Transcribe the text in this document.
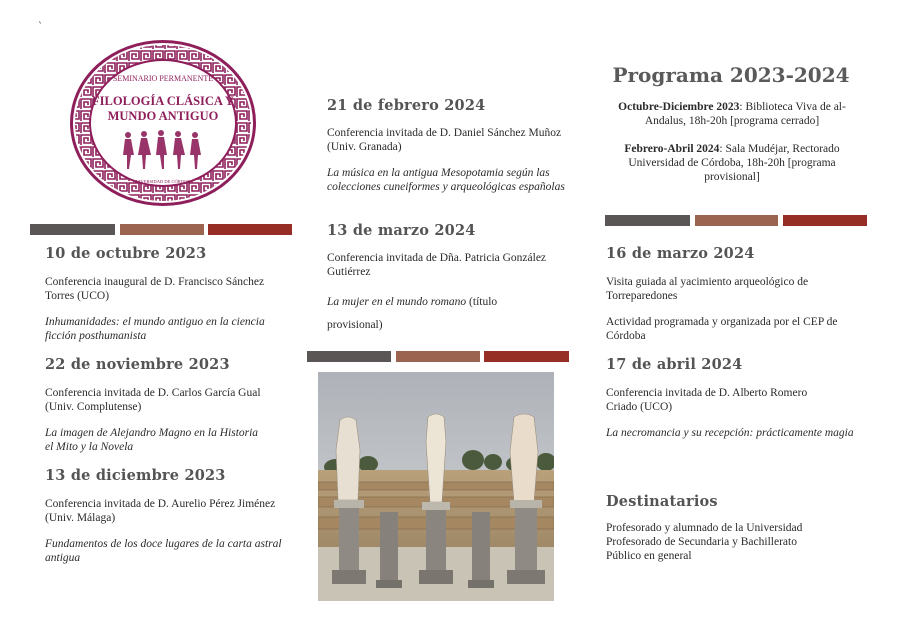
`
SEMINARIO PERMANENTE
FILOLOGÍA CLÁSICA Y
MUNDO ANTIGUO
UNIVERSIDAD DE CÓRDOBA
10 de octubre 2023
Conferencia inaugural de D. Francisco Sánchez Torres (UCO)
Inhumanidades: el mundo antiguo en la ciencia ficción posthumanista
22 de noviembre 2023
Conferencia invitada de D. Carlos García Gual (Univ. Complutense)
La imagen de Alejandro Magno en la Historia el Mito y la Novela
13 de diciembre 2023
Conferencia invitada de D. Aurelio Pérez Jiménez (Univ. Málaga)
Fundamentos de los doce lugares de la carta astral antigua
21 de febrero 2024
Conferencia invitada de D. Daniel Sánchez Muñoz (Univ. Granada)
La música en la antigua Mesopotamia según las colecciones cuneiformes y arqueológicas españolas
13 de marzo 2024
Conferencia invitada de Dña. Patricia González Gutiérrez
La mujer en el mundo romano (título provisional)
Programa 2023-2024
Octubre-Diciembre 2023: Biblioteca Viva de al-Andalus, 18h-20h [programa cerrado]
Febrero-Abril 2024: Sala Mudéjar, Rectorado Universidad de Córdoba, 18h-20h [programa provisional]
16 de marzo 2024
Visita guiada al yacimiento arqueológico de Torreparedones
Actividad programada y organizada por el CEP de Córdoba
17 de abril 2024
Conferencia invitada de D. Alberto Romero Criado (UCO)
La necromancia y su recepción: prácticamente magia
Destinatarios
Profesorado y alumnado de la Universidad
Profesorado de Secundaria y Bachillerato
Público en general
